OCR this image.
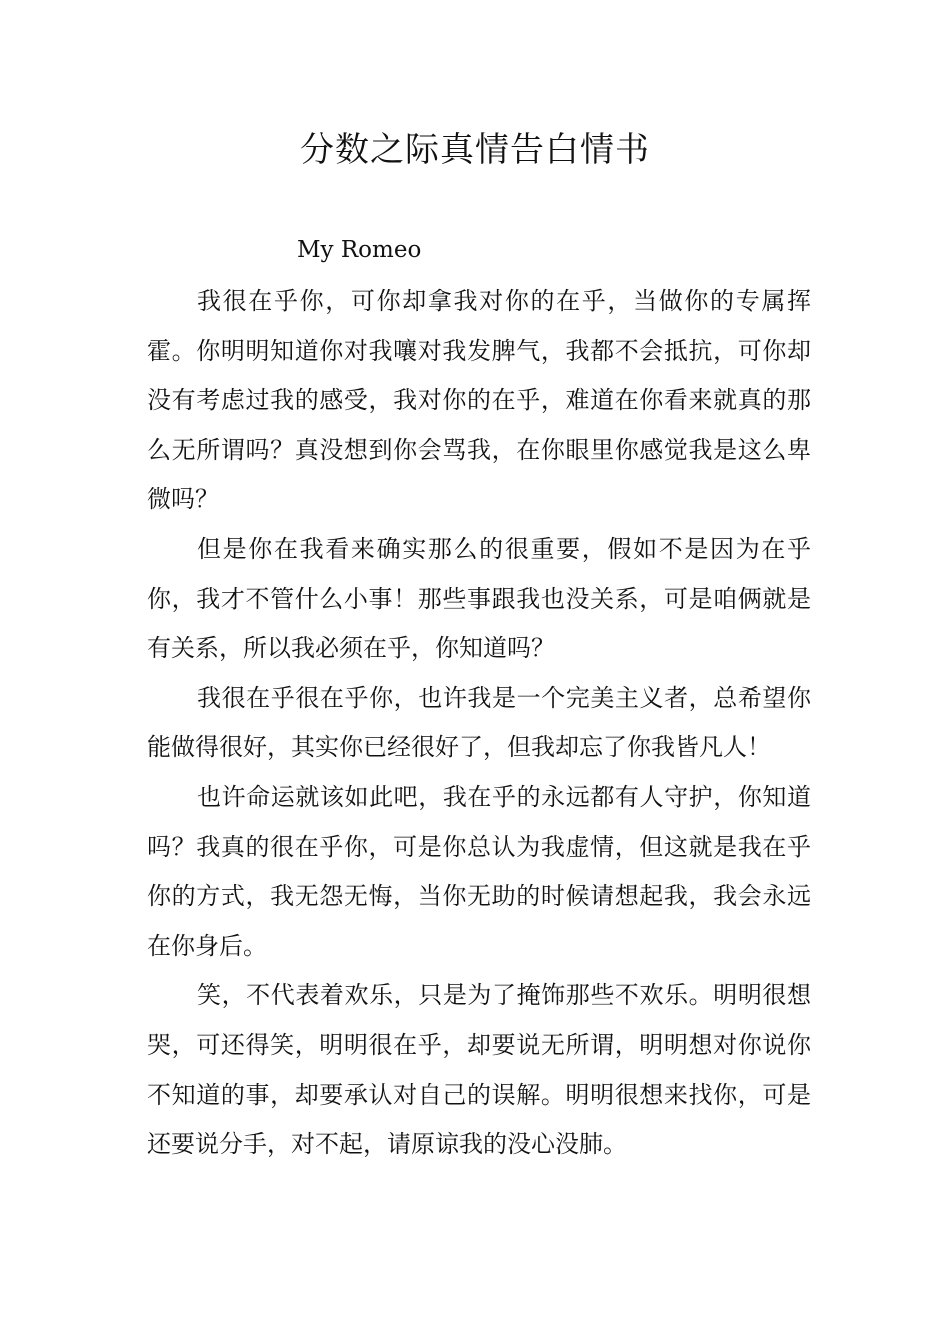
分数之际真情告白情书

My Romeo

我很在乎你，可你却拿我对你的在乎，当做你的专属挥霍。你明明知道你对我嚷对我发脾气，我都不会抵抗，可你却没有考虑过我的感受，我对你的在乎，难道在你看来就真的那么无所谓吗？真没想到你会骂我，在你眼里你感觉我是这么卑微吗？

但是你在我看来确实那么的很重要，假如不是因为在乎你，我才不管什么小事！那些事跟我也没关系，可是咱俩就是有关系，所以我必须在乎，你知道吗？

我很在乎很在乎你，也许我是一个完美主义者，总希望你能做得很好，其实你已经很好了，但我却忘了你我皆凡人！

也许命运就该如此吧，我在乎的永远都有人守护，你知道吗？我真的很在乎你，可是你总认为我虚情，但这就是我在乎你的方式，我无怨无悔，当你无助的时候请想起我，我会永远在你身后。

笑，不代表着欢乐，只是为了掩饰那些不欢乐。明明很想哭，可还得笑，明明很在乎，却要说无所谓，明明想对你说你不知道的事，却要承认对自己的误解。明明很想来找你，可是还要说分手，对不起，请原谅我的没心没肺。
